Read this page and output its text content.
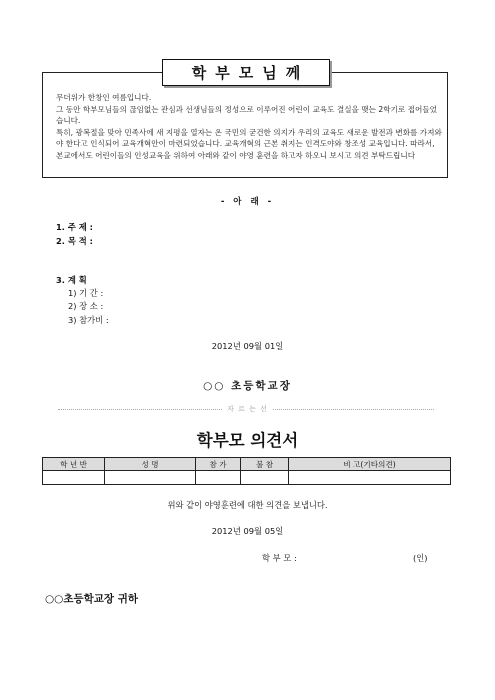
학부모님께

무더위가 한창인 여름입니다.

그 동안 학부모님들의 끊임없는 관심과 선생님들의 정성으로 이루어진 어린이 교육도 결실을 맺는 2학기로 접어들었습니다.

특히, 광복절을 맞아 민족사에 새 지평을 열자는 온 국민의 굳건한 의지가 우리의 교육도 새로운 발전과 변화를 가져와야 한다고 인식되어 교육개혁안이 마련되었습니다. 교육개혁의 근본 취지는 인격도야와 창조성 교육입니다. 따라서, 본교에서도 어린이들의 인성교육을 위하여 아래와 같이 야영 훈련을 하고자 하오니 보시고 의견 부탁드립니다

- 아 래 -
1. 주 제 :
2. 목 적 :
3. 계 획
1) 기 간 :
2) 장 소 :
3) 참가비 :
2012년 09월 01일
○○ 초등학교장
자 르 는 선
학부모 의견서
학 년 반	성 명	참 가	불 참	비 고(기타의견)

위와 같이 야영훈련에 대한 의견을 보냅니다.
2012년 09월 05일
학 부 모 :	(인)
○○초등학교장 귀하
